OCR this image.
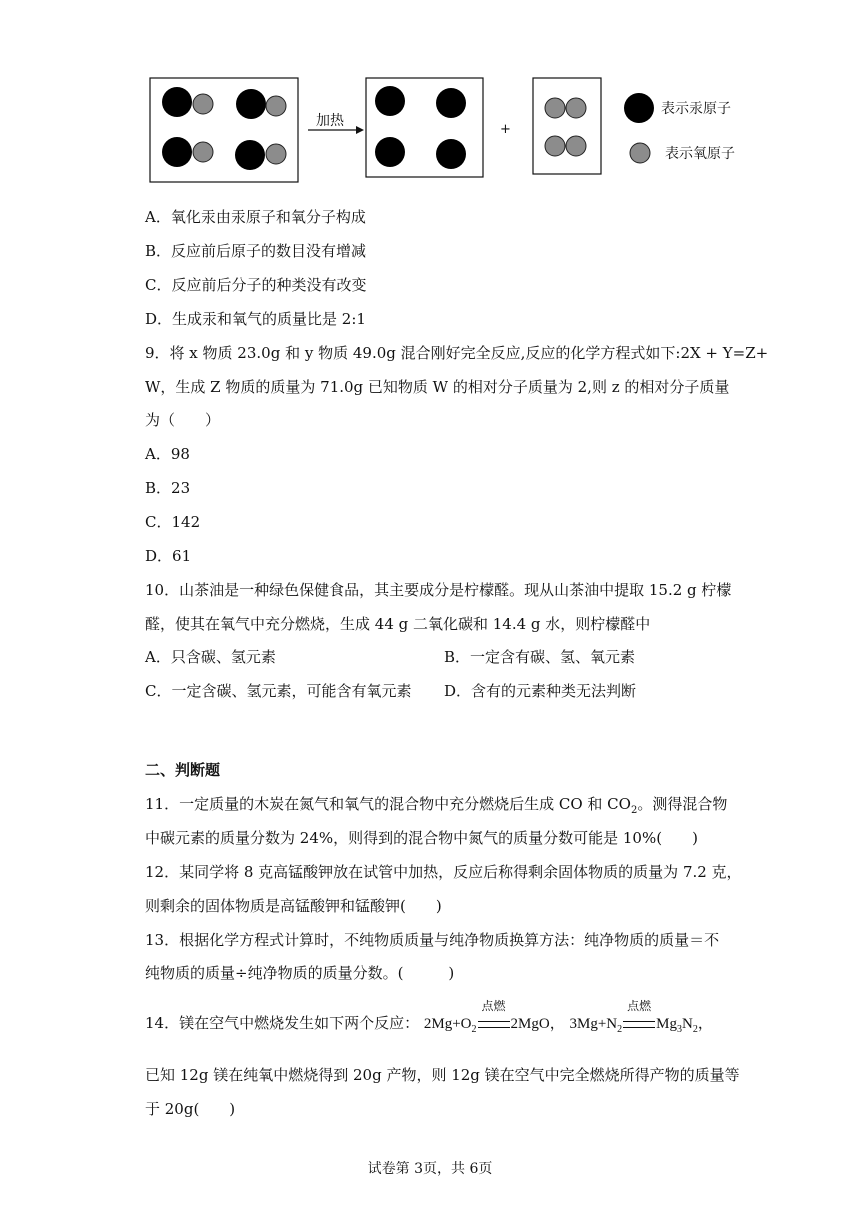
加热
+
表示汞原子
表示氧原子
A．氧化汞由汞原子和氧分子构成
B．反应前后原子的数目没有增减
C．反应前后分子的种类没有改变
D．生成汞和氧气的质量比是 2:1
9．将 x 物质 23.0g 和 y 物质 49.0g 混合刚好完全反应,反应的化学方程式如下:2X + Y=Z+
W，生成 Z 物质的质量为 71.0g 已知物质 W 的相对分子质量为 2,则 z 的相对分子质量
为（　　）
A．98
B．23
C．142
D．61
10．山茶油是一种绿色保健食品，其主要成分是柠檬醛。现从山茶油中提取 15.2 g 柠檬
醛，使其在氧气中充分燃烧，生成 44 g 二氧化碳和 14.4 g 水，则柠檬醛中
A．只含碳、氢元素	B．一定含有碳、氢、氧元素
C．一定含碳、氢元素，可能含有氧元素 D．含有的元素种类无法判断
二、判断题
11．一定质量的木炭在氮气和氧气的混合物中充分燃烧后生成 CO 和 $CO_2$。测得混合物
中碳元素的质量分数为 24%，则得到的混合物中氮气的质量分数可能是 10%(　　)
12．某同学将 8 克高锰酸钾放在试管中加热，反应后称得剩余固体物质的质量为 7.2 克，
则剩余的固体物质是高锰酸钾和锰酸钾(　　)
13．根据化学方程式计算时，不纯物质质量与纯净物质换算方法：纯净物质的质量＝不
纯物质的质量÷纯净物质的质量分数。(　　　)
14．镁在空气中燃烧发生如下两个反应： $2Mg+O_2$
点燃
2MgO， $3Mg+N_2$
点燃
$Mg_3N_2$，
已知 12g 镁在纯氧中燃烧得到 20g 产物，则 12g 镁在空气中完全燃烧所得产物的质量等
于 20g(　　)
试卷第 3页，共 6页
